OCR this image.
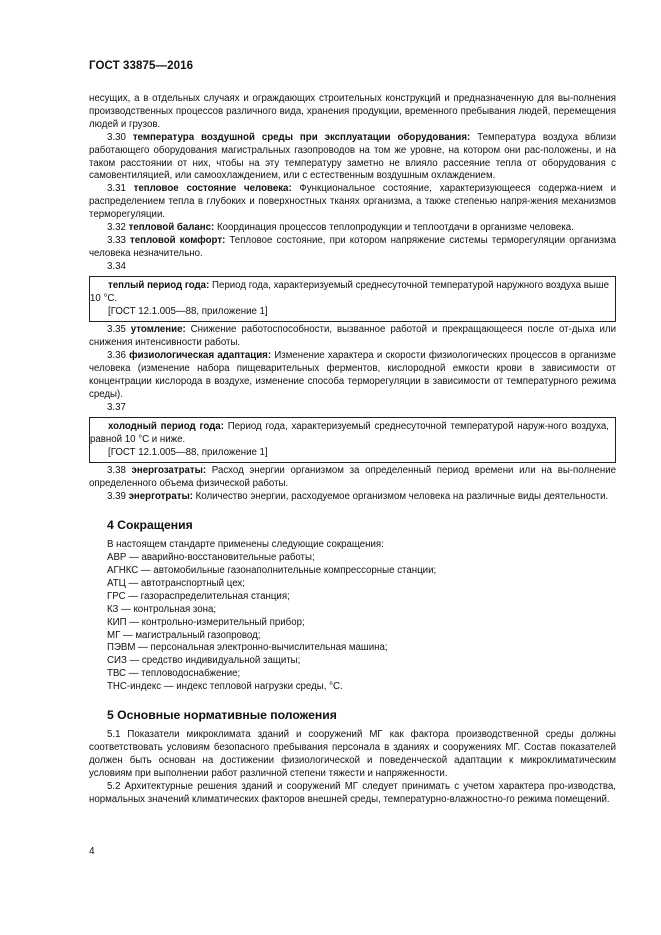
ГОСТ 33875—2016

несущих, а в отдельных случаях и ограждающих строительных конструкций и предназначенную для вы-полнения производственных процессов различного вида, хранения продукции, временного пребывания людей, перемещения людей и грузов.

3.30 температура воздушной среды при эксплуатации оборудования: Температура воздуха вблизи работающего оборудования магистральных газопроводов на том же уровне, на котором они рас-положены, и на таком расстоянии от них, чтобы на эту температуру заметно не влияло рассеяние тепла от оборудования с самовентиляцией, или самоохлаждением, или с естественным воздушным охлаждением.

3.31 тепловое состояние человека: Функциональное состояние, характеризующееся содержа-нием и распределением тепла в глубоких и поверхностных тканях организма, а также степенью напря-жения механизмов терморегуляции.

3.32 тепловой баланс: Координация процессов теплопродукции и теплоотдачи в организме человека.

3.33 тепловой комфорт: Тепловое состояние, при котором напряжение системы терморегуляции организма человека незначительно.

3.34

теплый период года: Период года, характеризуемый среднесуточной температурой наружного воздуха выше 10 °С.

[ГОСТ 12.1.005—88, приложение 1]

3.35 утомление: Снижение работоспособности, вызванное работой и прекращающееся после от-дыха или снижения интенсивности работы.

3.36 физиологическая адаптация: Изменение характера и скорости физиологических процессов в организме человека (изменение набора пищеварительных ферментов, кислородной емкости крови в зависимости от концентрации кислорода в воздухе, изменение способа терморегуляции в зависимости от температурного режима среды).

3.37

холодный период года: Период года, характеризуемый среднесуточной температурой наруж-ного воздуха, равной 10 °С и ниже.

[ГОСТ 12.1.005—88, приложение 1]

3.38 энергозатраты: Расход энергии организмом за определенный период времени или на вы-полнение определенного объема физической работы.

3.39 энерготраты: Количество энергии, расходуемое организмом человека на различные виды деятельности.

4 Сокращения

В настоящем стандарте применены следующие сокращения:

АВР — аварийно-восстановительные работы;

АГНКС — автомобильные газонаполнительные компрессорные станции;

АТЦ — автотранспортный цех;

ГРС — газораспределительная станция;

КЗ — контрольная зона;

КИП — контрольно-измерительный прибор;

МГ — магистральный газопровод;

ПЭВМ — персональная электронно-вычислительная машина;

СИЗ — средство индивидуальной защиты;

ТВС — тепловодоснабжение;

ТНС-индекс — индекс тепловой нагрузки среды, °С.

5 Основные нормативные положения

5.1 Показатели микроклимата зданий и сооружений МГ как фактора производственной среды должны соответствовать условиям безопасного пребывания персонала в зданиях и сооружениях МГ. Состав показателей должен быть основан на достижении физиологической и поведенческой адаптации к микроклиматическим условиям при выполнении работ различной степени тяжести и напряженности.

5.2 Архитектурные решения зданий и сооружений МГ следует принимать с учетом характера про-изводства, нормальных значений климатических факторов внешней среды, температурно-влажностно-го режима помещений.

4
